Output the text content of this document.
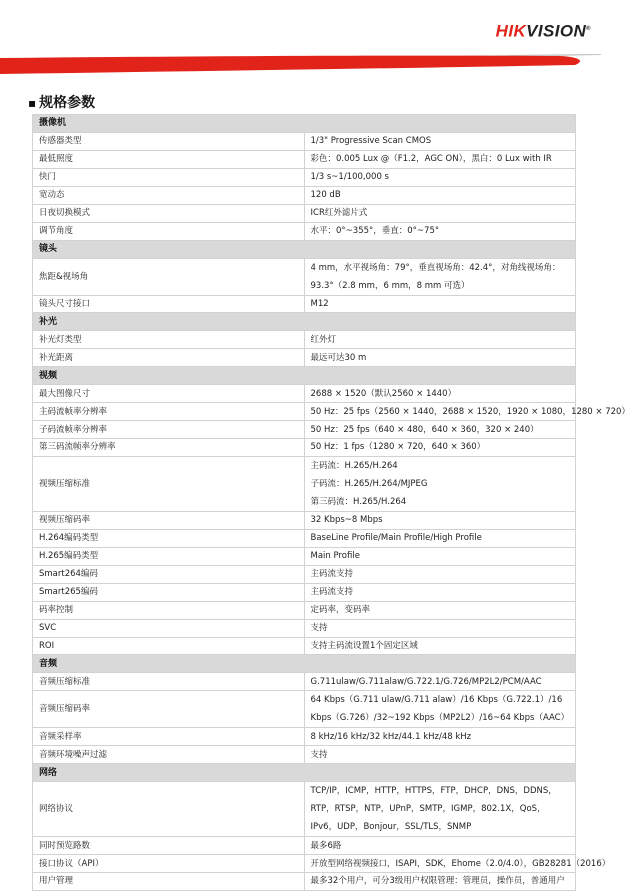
HIKVISION®
▪ 规格参数
摄像机	
传感器类型	1/3" Progressive Scan CMOS
最低照度	彩色：0.005 Lux @（F1.2，AGC ON），黑白：0 Lux with IR
快门	1/3 s~1/100,000 s
宽动态	120 dB
日夜切换模式	ICR红外滤片式
调节角度	水平：0°~355°，垂直：0°~75°
镜头	
焦距&视场角	4 mm，水平视场角：79°，垂直视场角：42.4°，对角线视场角：93.3°（2.8 mm，6 mm，8 mm 可选）
镜头尺寸接口	M12
补光	
补光灯类型	红外灯
补光距离	最远可达30 m
视频	
最大图像尺寸	2688 × 1520（默认2560 × 1440）
主码流帧率分辨率	50 Hz：25 fps（2560 × 1440，2688 × 1520，1920 × 1080，1280 × 720）
子码流帧率分辨率	50 Hz：25 fps（640 × 480，640 × 360，320 × 240）
第三码流帧率分辨率	50 Hz：1 fps（1280 × 720，640 × 360）
视频压缩标准	主码流：H.265/H.264
子码流：H.265/H.264/MJPEG
第三码流：H.265/H.264

视频压缩码率	32 Kbps~8 Mbps
H.264编码类型	BaseLine Profile/Main Profile/High Profile
H.265编码类型	Main Profile
Smart264编码	主码流支持
Smart265编码	主码流支持
码率控制	定码率，变码率
SVC	支持
ROI	支持主码流设置1个固定区域
音频	
音频压缩标准	G.711ulaw/G.711alaw/G.722.1/G.726/MP2L2/PCM/AAC
音频压缩码率	64 Kbps（G.711 ulaw/G.711 alaw）/16 Kbps（G.722.1）/16 Kbps（G.726）/32~192 Kbps（MP2L2）/16~64 Kbps（AAC）
音频采样率	8 kHz/16 kHz/32 kHz/44.1 kHz/48 kHz
音频环境噪声过滤	支持
网络	
网络协议	TCP/IP，ICMP，HTTP，HTTPS，FTP，DHCP，DNS，DDNS，RTP，RTSP，NTP，UPnP，SMTP，IGMP，802.1X，QoS，IPv6，UDP，Bonjour，SSL/TLS，SNMP
同时预览路数	最多6路
接口协议（API）	开放型网络视频接口，ISAPI，SDK，Ehome（2.0/4.0），GB28281（2016）
用户管理	最多32个用户，可分3级用户权限管理：管理员，操作员，普通用户
